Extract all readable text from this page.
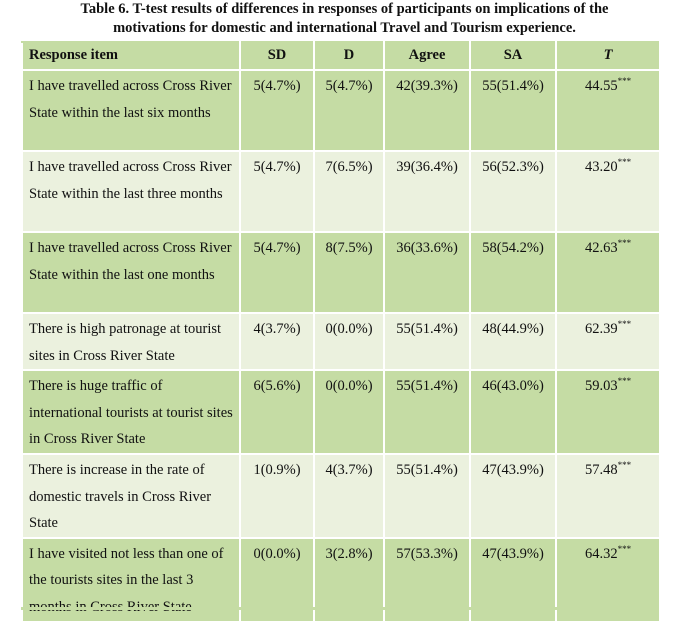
Table 6. T-test results of differences in responses of participants on implications of the
motivations for domestic and international Travel and Tourism experience.
Response item	SD	D	Agree	SA	T
I have travelled across Cross River State within the last six months	5(4.7%)	5(4.7%)	42(39.3%)	55(51.4%)	44.55***
I have travelled across Cross River State within the last three months	5(4.7%)	7(6.5%)	39(36.4%)	56(52.3%)	43.20***
I have travelled across Cross River State within the last one months	5(4.7%)	8(7.5%)	36(33.6%)	58(54.2%)	42.63***
There is high patronage at tourist sites in Cross River State	4(3.7%)	0(0.0%)	55(51.4%)	48(44.9%)	62.39***
There is huge traffic of international tourists at tourist sites in Cross River State	6(5.6%)	0(0.0%)	55(51.4%)	46(43.0%)	59.03***
There is increase in the rate of domestic travels in Cross River State	1(0.9%)	4(3.7%)	55(51.4%)	47(43.9%)	57.48***
I have visited not less than one of the tourists sites in the last 3	0(0.0%)	3(2.8%)	57(53.3%)	47(43.9%)	64.32***
